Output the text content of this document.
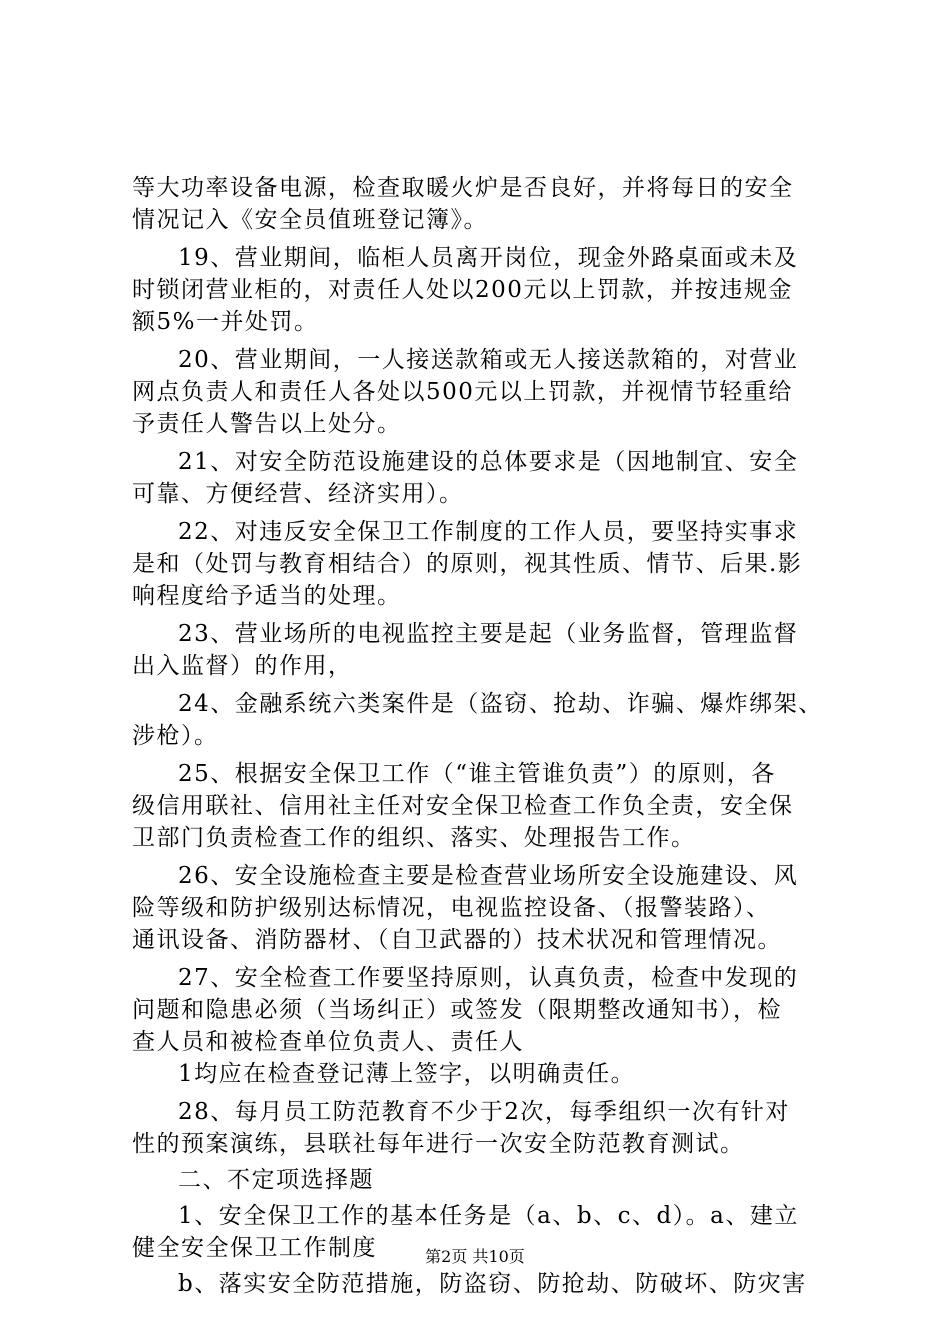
等大功率设备电源，检查取暖火炉是否良好，并将每日的安全
情况记入《安全员值班登记簿》。
19、营业期间，临柜人员离开岗位，现金外路桌面或未及
时锁闭营业柜的，对责任人处以200元以上罚款，并按违规金
额5%一并处罚。
20、营业期间，一人接送款箱或无人接送款箱的，对营业
网点负责人和责任人各处以500元以上罚款，并视情节轻重给
予责任人警告以上处分。
21、对安全防范设施建设的总体要求是（因地制宜、安全
可靠、方便经营、经济实用）。
22、对违反安全保卫工作制度的工作人员，要坚持实事求
是和（处罚与教育相结合）的原则，视其性质、情节、后果.影
响程度给予适当的处理。
23、营业场所的电视监控主要是起（业务监督，管理监督
出入监督）的作用，
24、金融系统六类案件是（盗窃、抢劫、诈骗、爆炸绑架、
涉枪）。
25、根据安全保卫工作（“谁主管谁负责”）的原则，各
级信用联社、信用社主任对安全保卫检查工作负全责，安全保
卫部门负责检查工作的组织、落实、处理报告工作。
26、安全设施检查主要是检查营业场所安全设施建设、风
险等级和防护级别达标情况，电视监控设备、（报警装路）、
通讯设备、消防器材、（自卫武器的）技术状况和管理情况。
27、安全检查工作要坚持原则，认真负责，检查中发现的
问题和隐患必须（当场纠正）或签发（限期整改通知书），检
查人员和被检查单位负责人、责任人
1均应在检查登记薄上签字，以明确责任。
28、每月员工防范教育不少于2次，每季组织一次有针对
性的预案演练，县联社每年进行一次安全防范教育测试。
二、不定项选择题
1、安全保卫工作的基本任务是（a、b、c、d）。a、建立
健全安全保卫工作制度
b、落实安全防范措施，防盗窃、防抢劫、防破坏、防灾害
第2页 共10页
